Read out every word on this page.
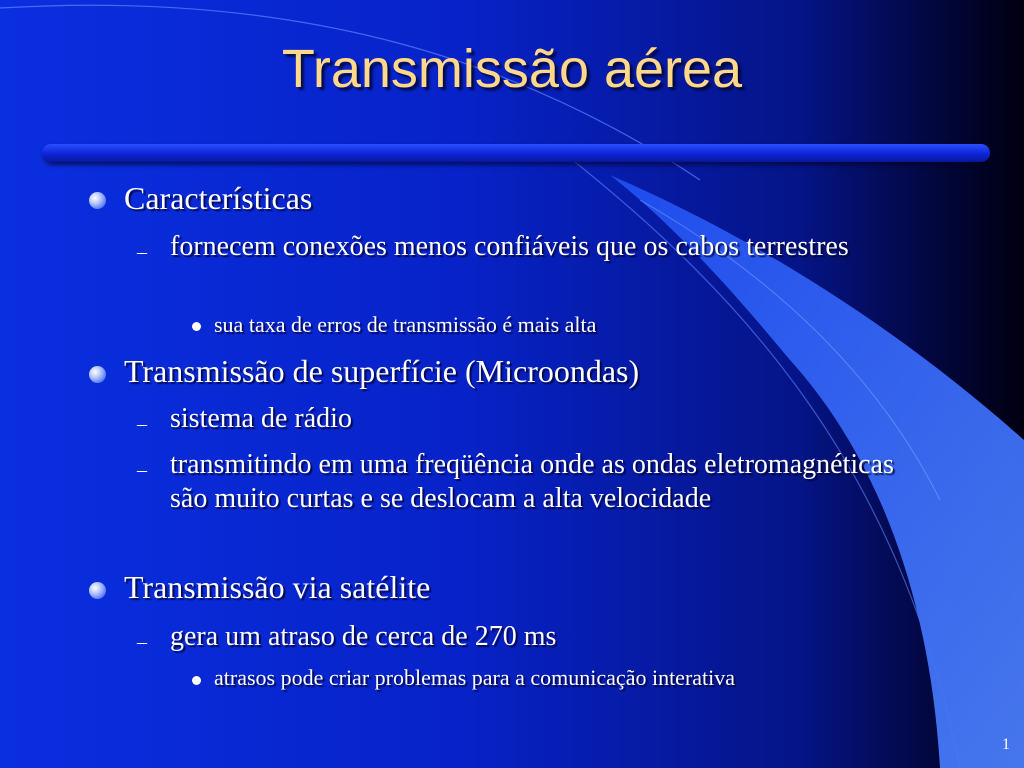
Transmissão aérea
Características
– fornecem conexões menos confiáveis que os cabos terrestres
sua taxa de erros de transmissão é mais alta
Transmissão de superfície (Microondas)
– sistema de rádio
– transmitindo em uma freqüência onde as ondas eletromagnéticas são muito curtas e se deslocam a alta velocidade
Transmissão via satélite
– gera um atraso de cerca de 270 ms
atrasos pode criar problemas para a comunicação interativa
1
